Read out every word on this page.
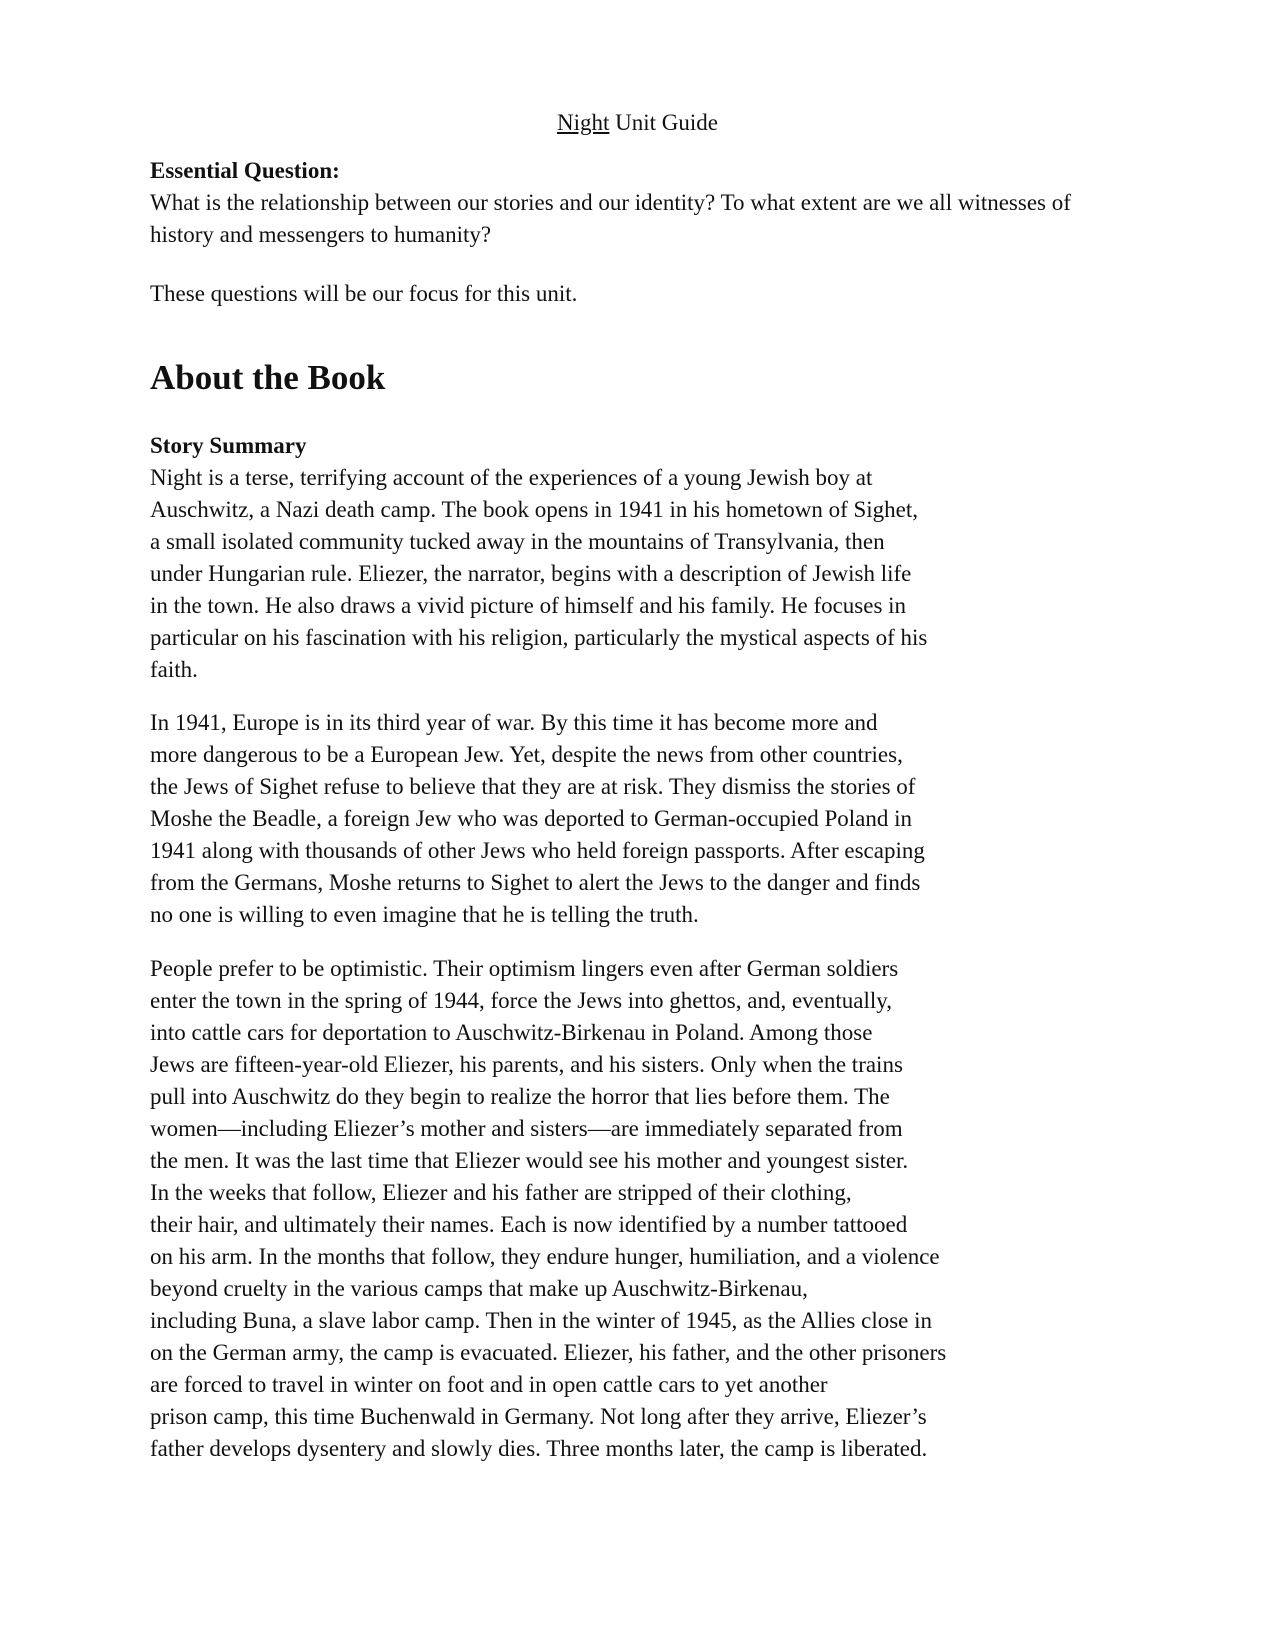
Night Unit Guide
Essential Question:
What is the relationship between our stories and our identity? To what extent are we all witnesses of
history and messengers to humanity?
These questions will be our focus for this unit.
About the Book
Story Summary
Night is a terse, terrifying account of the experiences of a young Jewish boy at
Auschwitz, a Nazi death camp. The book opens in 1941 in his hometown of Sighet,
a small isolated community tucked away in the mountains of Transylvania, then
under Hungarian rule. Eliezer, the narrator, begins with a description of Jewish life
in the town. He also draws a vivid picture of himself and his family. He focuses in
particular on his fascination with his religion, particularly the mystical aspects of his
faith.
In 1941, Europe is in its third year of war. By this time it has become more and
more dangerous to be a European Jew. Yet, despite the news from other countries,
the Jews of Sighet refuse to believe that they are at risk. They dismiss the stories of
Moshe the Beadle, a foreign Jew who was deported to German-occupied Poland in
1941 along with thousands of other Jews who held foreign passports. After escaping
from the Germans, Moshe returns to Sighet to alert the Jews to the danger and finds
no one is willing to even imagine that he is telling the truth.
People prefer to be optimistic. Their optimism lingers even after German soldiers
enter the town in the spring of 1944, force the Jews into ghettos, and, eventually,
into cattle cars for deportation to Auschwitz-Birkenau in Poland. Among those
Jews are fifteen-year-old Eliezer, his parents, and his sisters. Only when the trains
pull into Auschwitz do they begin to realize the horror that lies before them. The
women—including Eliezer’s mother and sisters—are immediately separated from
the men. It was the last time that Eliezer would see his mother and youngest sister.
In the weeks that follow, Eliezer and his father are stripped of their clothing,
their hair, and ultimately their names. Each is now identified by a number tattooed
on his arm. In the months that follow, they endure hunger, humiliation, and a violence
beyond cruelty in the various camps that make up Auschwitz-Birkenau,
including Buna, a slave labor camp. Then in the winter of 1945, as the Allies close in
on the German army, the camp is evacuated. Eliezer, his father, and the other prisoners
are forced to travel in winter on foot and in open cattle cars to yet another
prison camp, this time Buchenwald in Germany. Not long after they arrive, Eliezer’s
father develops dysentery and slowly dies. Three months later, the camp is liberated.
